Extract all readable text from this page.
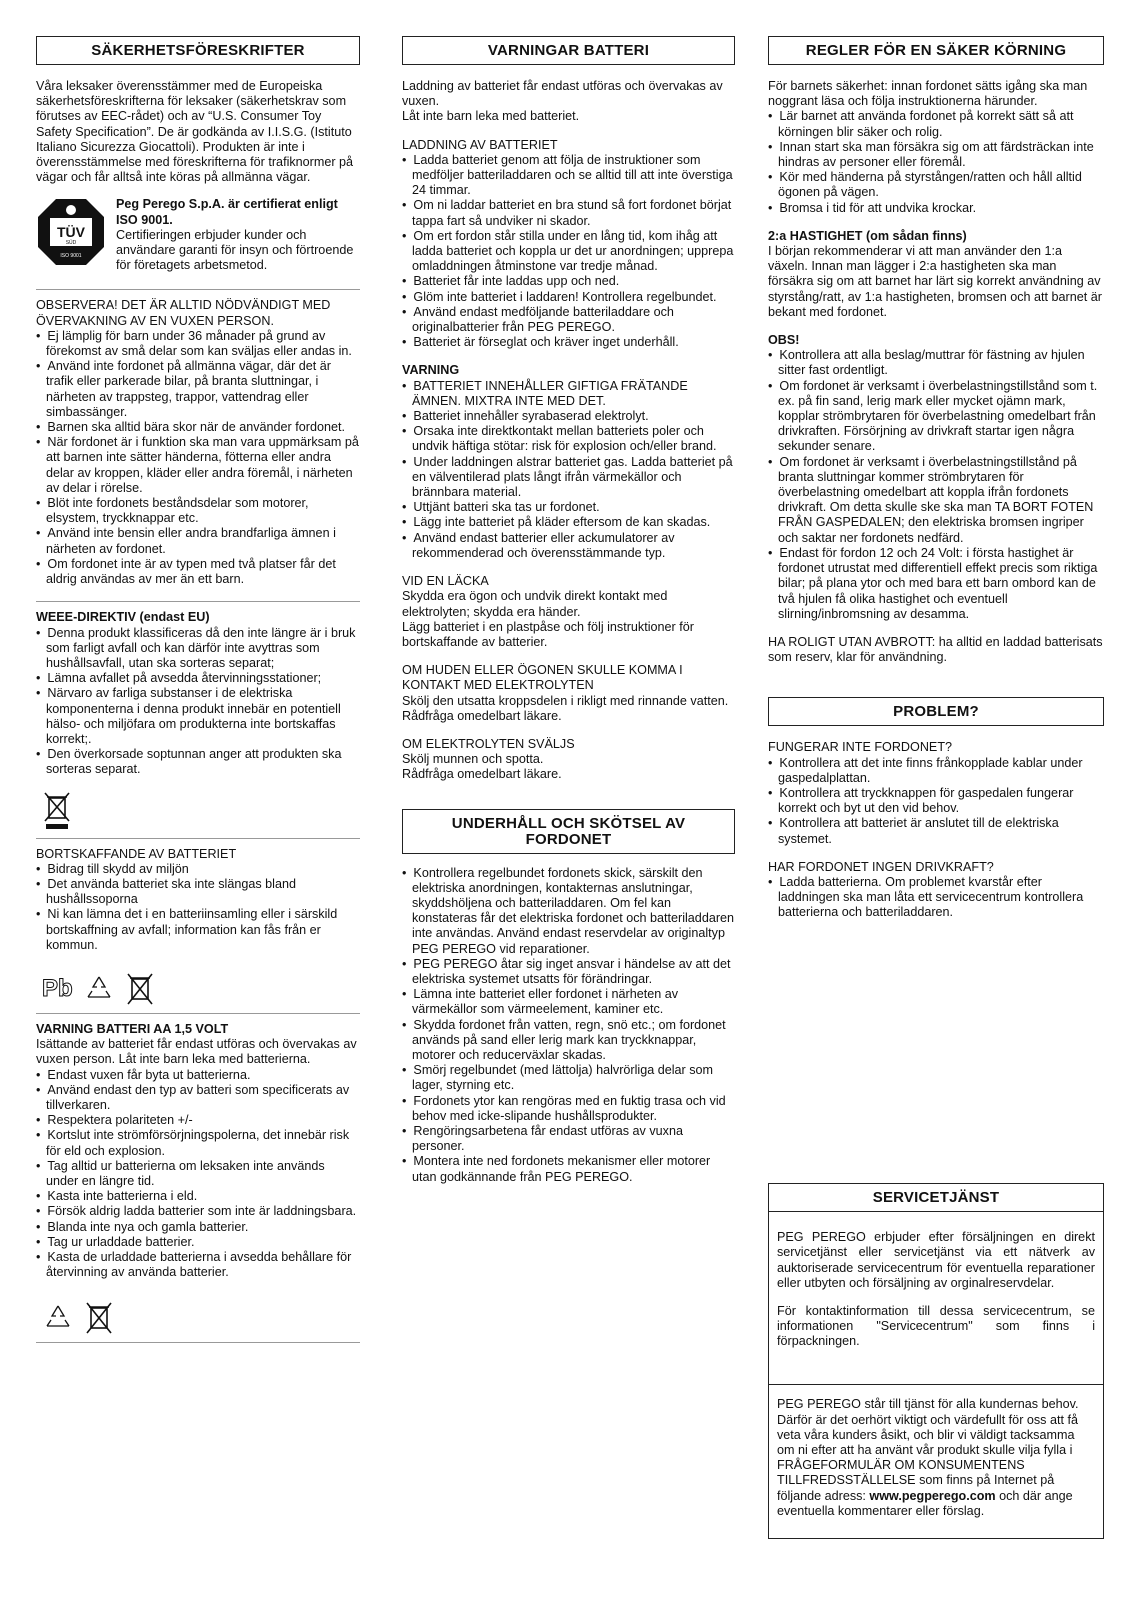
SÄKERHETSFÖRESKRIFTER

Våra leksaker överensstämmer med de Europeiska säkerhetsföreskrifterna för leksaker (säkerhetskrav som förutses av EEC-rådet) och av “U.S. Consumer Toy Safety Specification”. De är godkända av I.I.S.G. (Istituto Italiano Sicurezza Giocattoli). Produkten är inte i överensstämmelse med föreskrifterna för trafiknormer på vägar och får alltså inte köras på allmänna vägar.

TÜV
SÜD
ISO 9001

Peg Perego S.p.A. är certifierat enligt ISO 9001.

Certifieringen erbjuder kunder och användare garanti för insyn och förtroende för företagets arbetsmetod.

OBSERVERA! DET ÄR ALLTID NÖDVÄNDIGT MED ÖVERVAKNING AV EN VUXEN PERSON.

•  Ej lämplig för barn under 36 månader på grund av förekomst av små delar som kan sväljas eller andas in.
•  Använd inte fordonet på allmänna vägar, där det är trafik eller parkerade bilar, på branta sluttningar, i närheten av trappsteg, trappor, vattendrag eller simbassänger.
•  Barnen ska alltid bära skor när de använder fordonet.
•  När fordonet är i funktion ska man vara uppmärksam på att barnen inte sätter händerna, fötterna eller andra delar av kroppen, kläder eller andra föremål, i närheten av delar i rörelse.
•  Blöt inte fordonets beståndsdelar som motorer, elsystem, tryckknappar etc.
•  Använd inte bensin eller andra brandfarliga ämnen i närheten av fordonet.
•  Om fordonet inte är av typen med två platser får det aldrig användas av mer än ett barn.

WEEE-DIREKTIV (endast EU)

•  Denna produkt klassificeras då den inte längre är i bruk som farligt avfall och kan därför inte avyttras som hushållsavfall, utan ska sorteras separat;
•  Lämna avfallet på avsedda återvinningsstationer;
•  Närvaro av farliga substanser i de elektriska komponenterna i denna produkt innebär en potentiell hälso- och miljöfara om produkterna inte bortskaffas korrekt;.
•  Den överkorsade soptunnan anger att produkten ska sorteras separat.

BORTSKAFFANDE AV BATTERIET

•  Bidrag till skydd av miljön
•  Det använda batteriet ska inte slängas bland hushållssoporna
•  Ni kan lämna det i en batteriinsamling eller i särskild bortskaffning av avfall; information kan fås från er kommun.
Pb

VARNING BATTERI AA 1,5 VOLT

Isättande av batteriet får endast utföras och övervakas av vuxen person. Låt inte barn leka med batterierna.

•  Endast vuxen får byta ut batterierna.
•  Använd endast den typ av batteri som specificerats av tillverkaren.
•  Respektera polariteten +/-
•  Kortslut inte strömförsörjningspolerna, det innebär risk för eld och explosion.
•  Tag alltid ur batterierna om leksaken inte används under en längre tid.
•  Kasta inte batterierna i eld.
•  Försök aldrig ladda batterier som inte är laddningsbara.
•  Blanda inte nya och gamla batterier.
•  Tag ur urladdade batterier.
•  Kasta de urladdade batterierna i avsedda behållare för återvinning av använda batterier.
VARNINGAR BATTERI

Laddning av batteriet får endast utföras och övervakas av vuxen.

Låt inte barn leka med batteriet.

LADDNING AV BATTERIET

•  Ladda batteriet genom att följa de instruktioner som medföljer batteriladdaren och se alltid till att inte överstiga 24 timmar.
•  Om ni laddar batteriet en bra stund så fort fordonet börjat tappa fart så undviker ni skador.
•  Om ert fordon står stilla under en lång tid, kom ihåg att ladda batteriet och koppla ur det ur anordningen; upprepa omladdningen åtminstone var tredje månad.
•  Batteriet får inte laddas upp och ned.
•  Glöm inte batteriet i laddaren! Kontrollera regelbundet.
•  Använd endast medföljande batteriladdare och originalbatterier från PEG PEREGO.
•  Batteriet är förseglat och kräver inget underhåll.

VARNING

•  BATTERIET INNEHÅLLER GIFTIGA FRÄTANDE ÄMNEN. MIXTRA INTE MED DET.
•  Batteriet innehåller syrabaserad elektrolyt.
•  Orsaka inte direktkontakt mellan batteriets poler och undvik häftiga stötar: risk för explosion och/eller brand.
•  Under laddningen alstrar batteriet gas. Ladda batteriet på en välventilerad plats långt ifrån värmekällor och brännbara material.
•  Uttjänt batteri ska tas ur fordonet.
•  Lägg inte batteriet på kläder eftersom de kan skadas.
•  Använd endast batterier eller ackumulatorer av rekommenderad och överensstämmande typ.

VID EN LÄCKA

Skydda era ögon och undvik direkt kontakt med elektrolyten; skydda era händer.

Lägg batteriet i en plastpåse och följ instruktioner för bortskaffande av batterier.

OM HUDEN ELLER ÖGONEN SKULLE KOMMA I KONTAKT MED ELEKTROLYTEN

Skölj den utsatta kroppsdelen i rikligt med rinnande vatten.

Rådfråga omedelbart läkare.

OM ELEKTROLYTEN SVÄLJS

Skölj munnen och spotta.

Rådfråga omedelbart läkare.

UNDERHÅLL OCH SKÖTSEL AV FORDONET
•  Kontrollera regelbundet fordonets skick, särskilt den elektriska anordningen, kontakternas anslutningar, skyddshöljena och batteriladdaren. Om fel kan konstateras får det elektriska fordonet och batteriladdaren inte användas. Använd endast reservdelar av originaltyp PEG PEREGO vid reparationer.
•  PEG PEREGO åtar sig inget ansvar i händelse av att det elektriska systemet utsatts för förändringar.
•  Lämna inte batteriet eller fordonet i närheten av värmekällor som värmeelement, kaminer etc.
•  Skydda fordonet från vatten, regn, snö etc.; om fordonet används på sand eller lerig mark kan tryckknappar, motorer och reducerväxlar skadas.
•  Smörj regelbundet (med lättolja) halvrörliga delar som lager, styrning etc.
•  Fordonets ytor kan rengöras med en fuktig trasa och vid behov med icke-slipande hushållsprodukter.
•  Rengöringsarbetena får endast utföras av vuxna personer.
•  Montera inte ned fordonets mekanismer eller motorer utan godkännande från PEG PEREGO.
REGLER FÖR EN SÄKER KÖRNING

För barnets säkerhet: innan fordonet sätts igång ska man noggrant läsa och följa instruktionerna härunder.

•  Lär barnet att använda fordonet på korrekt sätt så att körningen blir säker och rolig.
•  Innan start ska man försäkra sig om att färdsträckan inte hindras av personer eller föremål.
•  Kör med händerna på styrstången/ratten och håll alltid ögonen på vägen.
•  Bromsa i tid för att undvika krockar.

2:a HASTIGHET (om sådan finns)

I början rekommenderar vi att man använder den 1:a växeln. Innan man lägger i 2:a hastigheten ska man försäkra sig om att barnet har lärt sig korrekt användning av styrstång/ratt, av 1:a hastigheten, bromsen och att barnet är bekant med fordonet.

OBS!

•  Kontrollera att alla beslag/muttrar för fästning av hjulen sitter fast ordentligt.
•  Om fordonet är verksamt i överbelastningstillstånd som t. ex. på fin sand, lerig mark eller mycket ojämn mark, kopplar strömbrytaren för överbelastning omedelbart från drivkraften. Försörjning av drivkraft startar igen några sekunder senare.
•  Om fordonet är verksamt i överbelastningstillstånd på branta sluttningar kommer strömbrytaren för överbelastning omedelbart att koppla ifrån fordonets drivkraft. Om detta skulle ske ska man TA BORT FOTEN FRÅN GASPEDALEN; den elektriska bromsen ingriper och saktar ner fordonets nedfärd.
•  Endast för fordon 12 och 24 Volt: i första hastighet är fordonet utrustat med differentiell effekt precis som riktiga bilar; på plana ytor och med bara ett barn ombord kan de två hjulen få olika hastighet och eventuell slirning/inbromsning av desamma.

HA ROLIGT UTAN AVBROTT: ha alltid en laddad batterisats som reserv, klar för användning.

PROBLEM?

FUNGERAR INTE FORDONET?

•  Kontrollera att det inte finns frånkopplade kablar under gaspedalplattan.
•  Kontrollera att tryckknappen för gaspedalen fungerar korrekt och byt ut den vid behov.
•  Kontrollera att batteriet är anslutet till de elektriska systemet.

HAR FORDONET INGEN DRIVKRAFT?

•  Ladda batterierna. Om problemet kvarstår efter laddningen ska man låta ett servicecentrum kontrollera batterierna och batteriladdaren.
SERVICETJÄNST

PEG PEREGO erbjuder efter försäljningen en direkt servicetjänst eller servicetjänst via ett nätverk av auktoriserade servicecentrum för eventuella reparationer eller utbyten och försäljning av orginalreservdelar.

För kontaktinformation till dessa servicecentrum, se informationen "Servicecentrum" som finns i förpackningen.

PEG PEREGO står till tjänst för alla kundernas behov. Därför är det oerhört viktigt och värdefullt för oss att få veta våra kunders åsikt, och blir vi väldigt tacksamma om ni efter att ha använt vår produkt skulle vilja fylla i FRÅGEFORMULÄR OM KONSUMENTENS TILLFREDSSTÄLLELSE som finns på Internet på följande adress: www.pegperego.com och där ange eventuella kommentarer eller förslag.
